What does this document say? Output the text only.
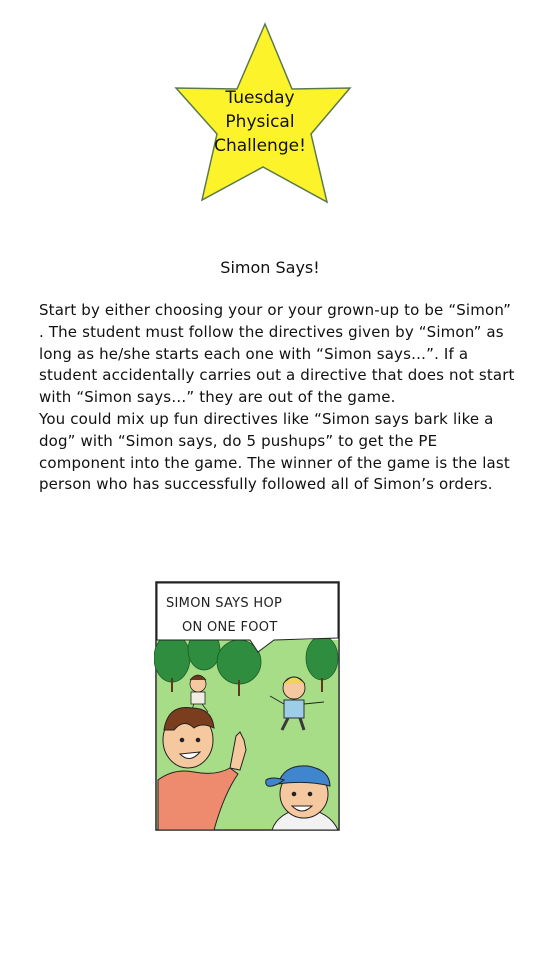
Tuesday
Physical
Challenge!
Simon Says!

Start by either choosing your or your grown-up to be “Simon” . The student must follow the directives given by “Simon” as long as he/she starts each one with “Simon says…”. If a student accidentally carries out a directive that does not start with “Simon says…” they are out of the game.

You could mix up fun directives like “Simon says bark like a dog” with “Simon says, do 5 pushups” to get the PE component into the game. The winner of the game is the last person who has successfully followed all of Simon’s orders.

SIMON SAYS HOP
ON ONE FOOT
